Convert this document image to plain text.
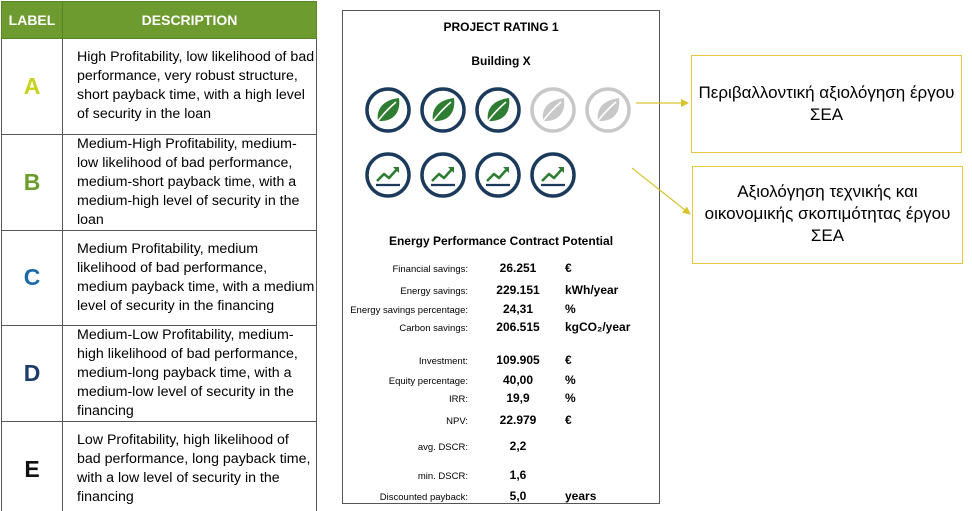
LABEL	DESCRIPTION
A	High Profitability, low likelihood of bad performance, very robust structure, short payback time, with a high level of security in the loan
B	Medium-High Profitability, medium-low likelihood of bad performance, medium-short payback time, with a medium-high level of security in the loan
C	Medium Profitability, medium likelihood of bad performance, medium payback time, with a medium level of security in the financing
D	Medium-Low Profitability, medium-high likelihood of bad performance, medium-long payback time, with a medium-low level of security in the financing
E	Low Profitability, high likelihood of bad performance, long payback time, with a low level of security in the financing
PROJECT RATING 1
Building X
Energy Performance Contract Potential
Financial savings:	26.251	€
Energy savings:	229.151	kWh/year
Energy savings percentage:	24,31	%
Carbon savings:	206.515	kgCO₂/year
Investment:	109.905	€
Equity percentage:	40,00	%
IRR:	19,9	%
NPV:	22.979	€
avg. DSCR:	2,2
min. DSCR:	1,6
Discounted payback:	5,0	years
Περιβαλλοντική αξιολόγηση έργου ΣΕΑ
Αξιολόγηση τεχνικής και οικονομικής σκοπιμότητας έργου ΣΕΑ
